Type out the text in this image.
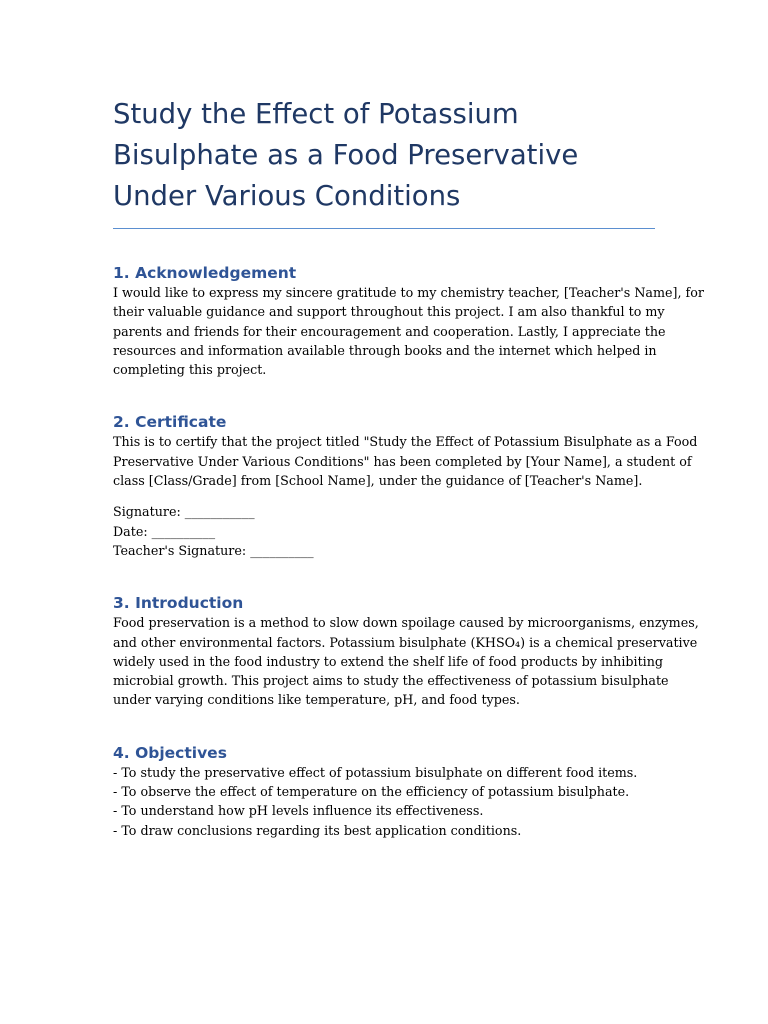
Study the Effect of Potassium
Bisulphate as a Food Preservative
Under Various Conditions
1. Acknowledgement

I would like to express my sincere gratitude to my chemistry teacher, [Teacher's Name], for
their valuable guidance and support throughout this project. I am also thankful to my
parents and friends for their encouragement and cooperation. Lastly, I appreciate the
resources and information available through books and the internet which helped in
completing this project.

2. Certificate

This is to certify that the project titled "Study the Effect of Potassium Bisulphate as a Food
Preservative Under Various Conditions" has been completed by [Your Name], a student of
class [Class/Grade] from [School Name], under the guidance of [Teacher's Name].

Signature: ___________
Date: __________
Teacher's Signature: __________

3. Introduction

Food preservation is a method to slow down spoilage caused by microorganisms, enzymes,
and other environmental factors. Potassium bisulphate (KHSO₄) is a chemical preservative
widely used in the food industry to extend the shelf life of food products by inhibiting
microbial growth. This project aims to study the effectiveness of potassium bisulphate
under varying conditions like temperature, pH, and food types.

4. Objectives
- To study the preservative effect of potassium bisulphate on different food items.
- To observe the effect of temperature on the efficiency of potassium bisulphate.
- To understand how pH levels influence its effectiveness.
- To draw conclusions regarding its best application conditions.
